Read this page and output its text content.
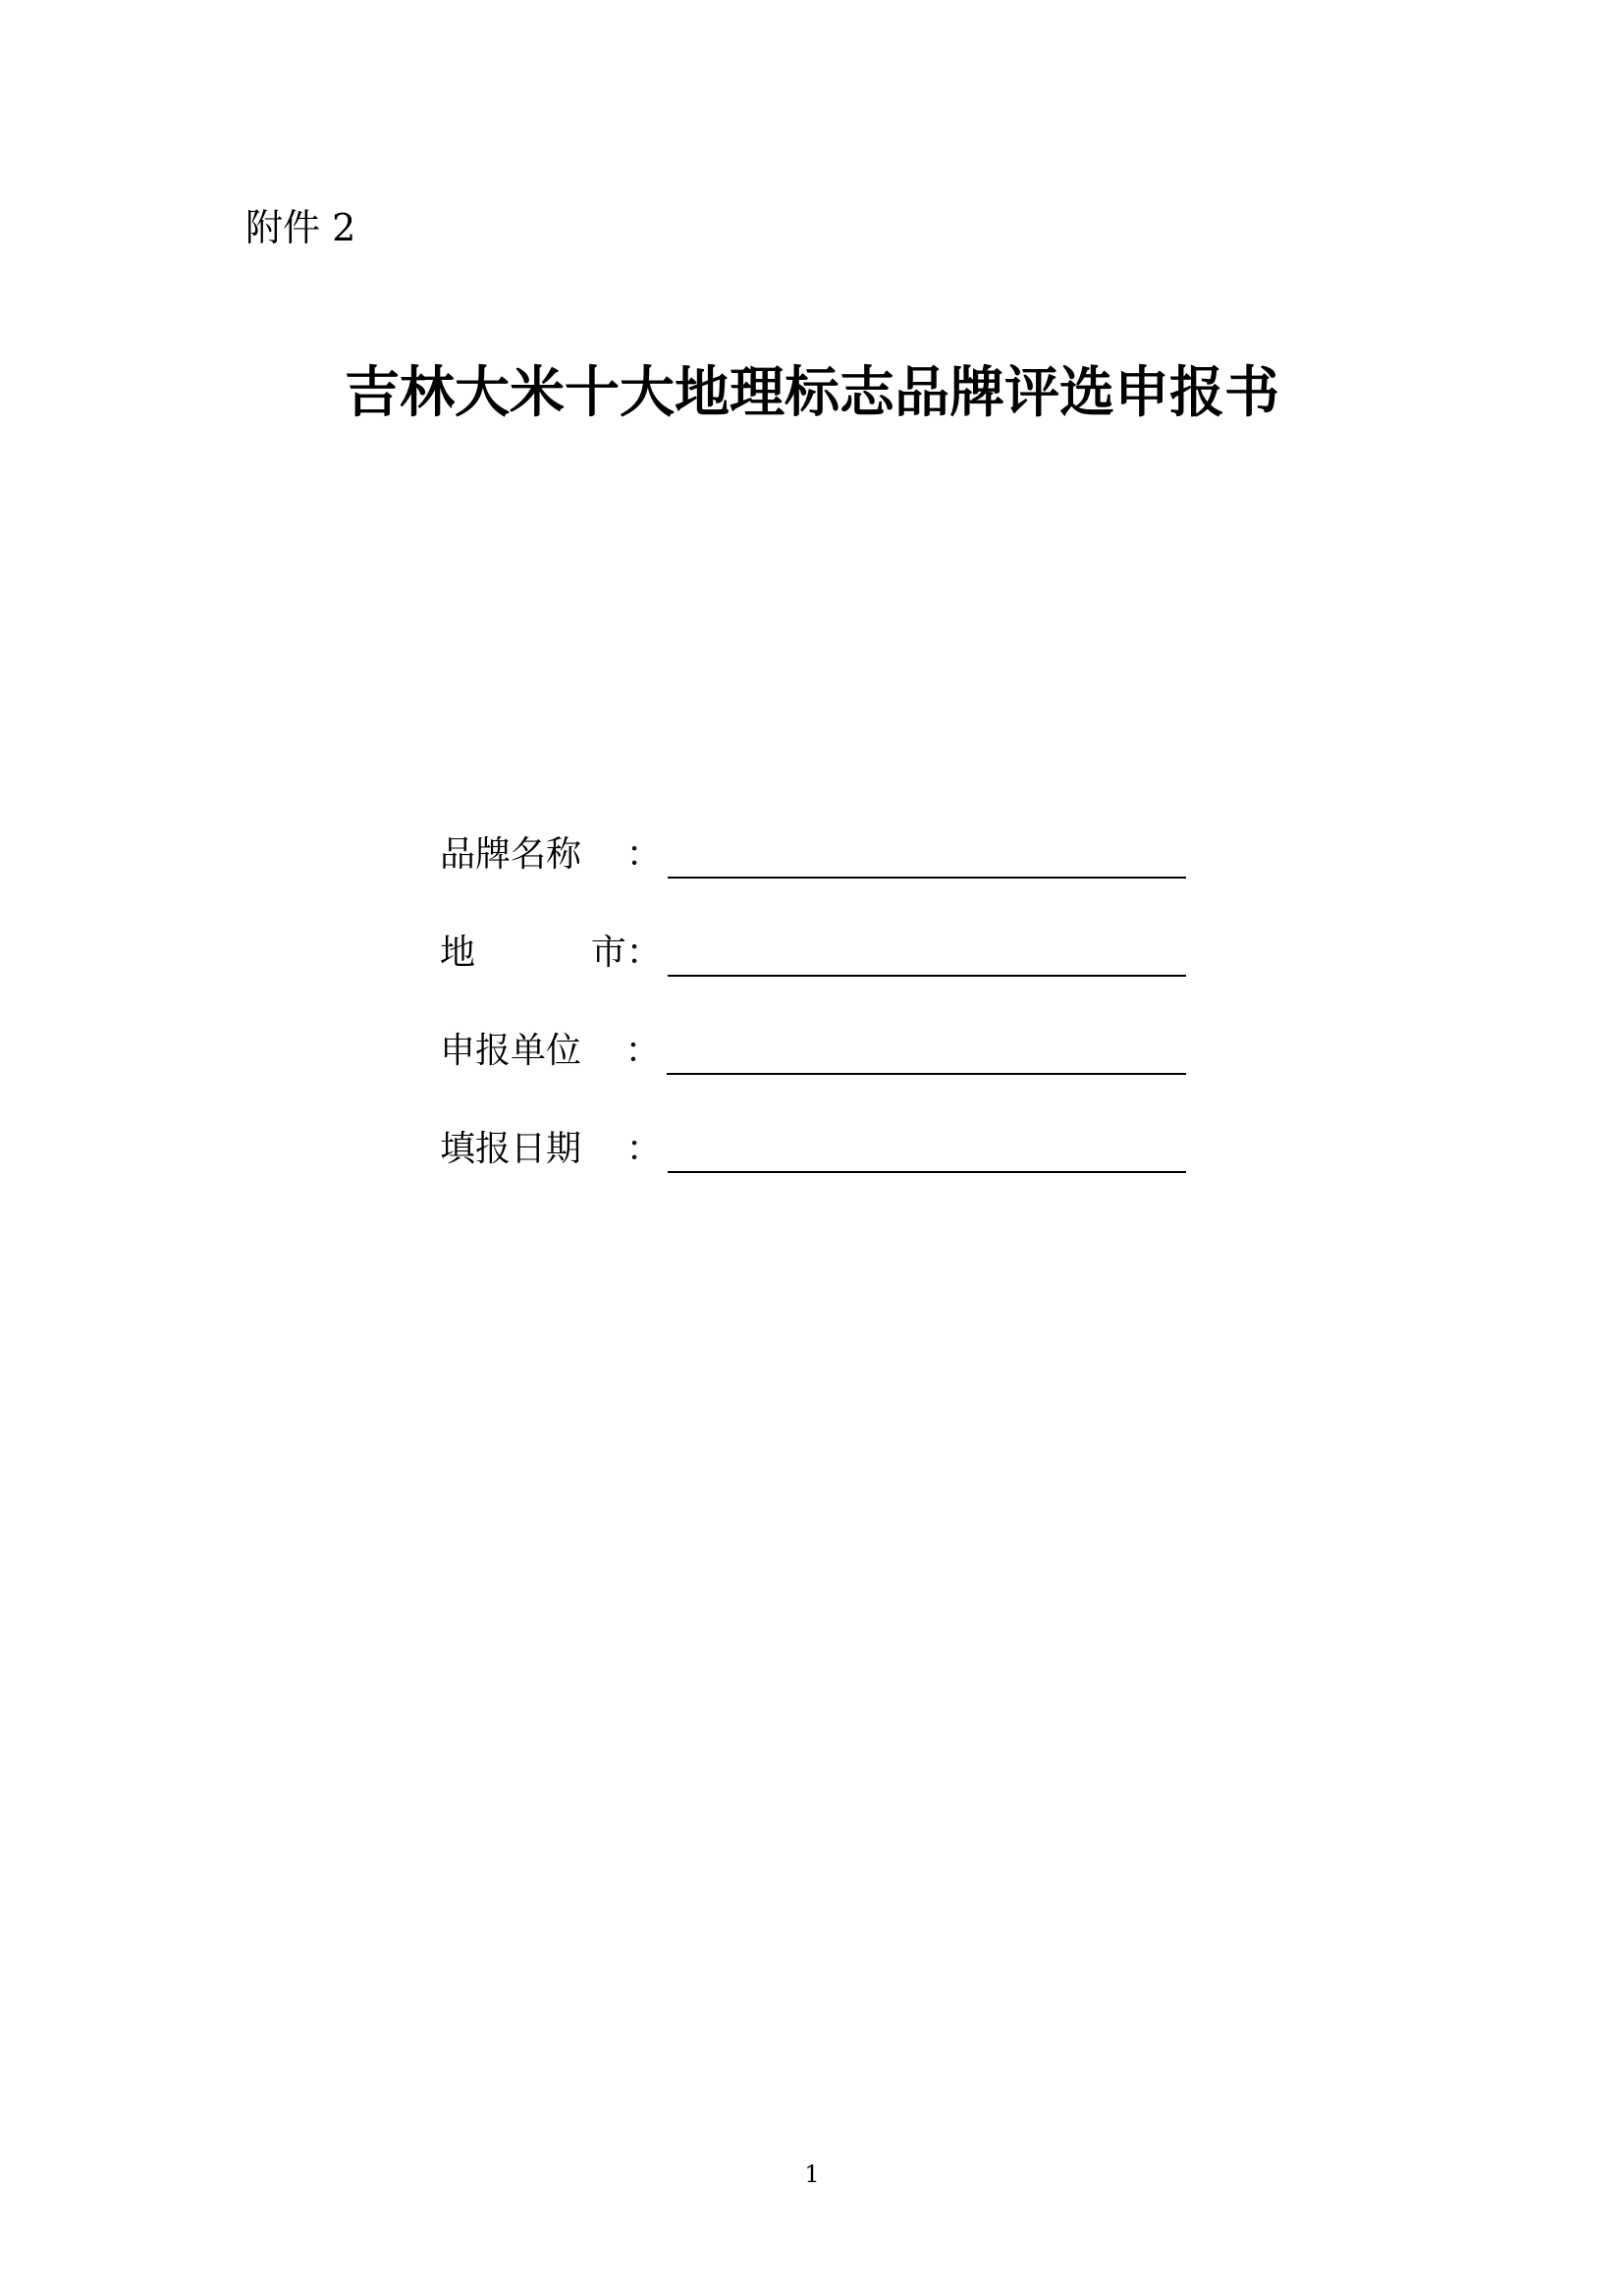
附件 2
吉林大米十大地理标志品牌评选申报书
品牌名称	：
地	市 ：
申报单位	：
填报日期	：
1
